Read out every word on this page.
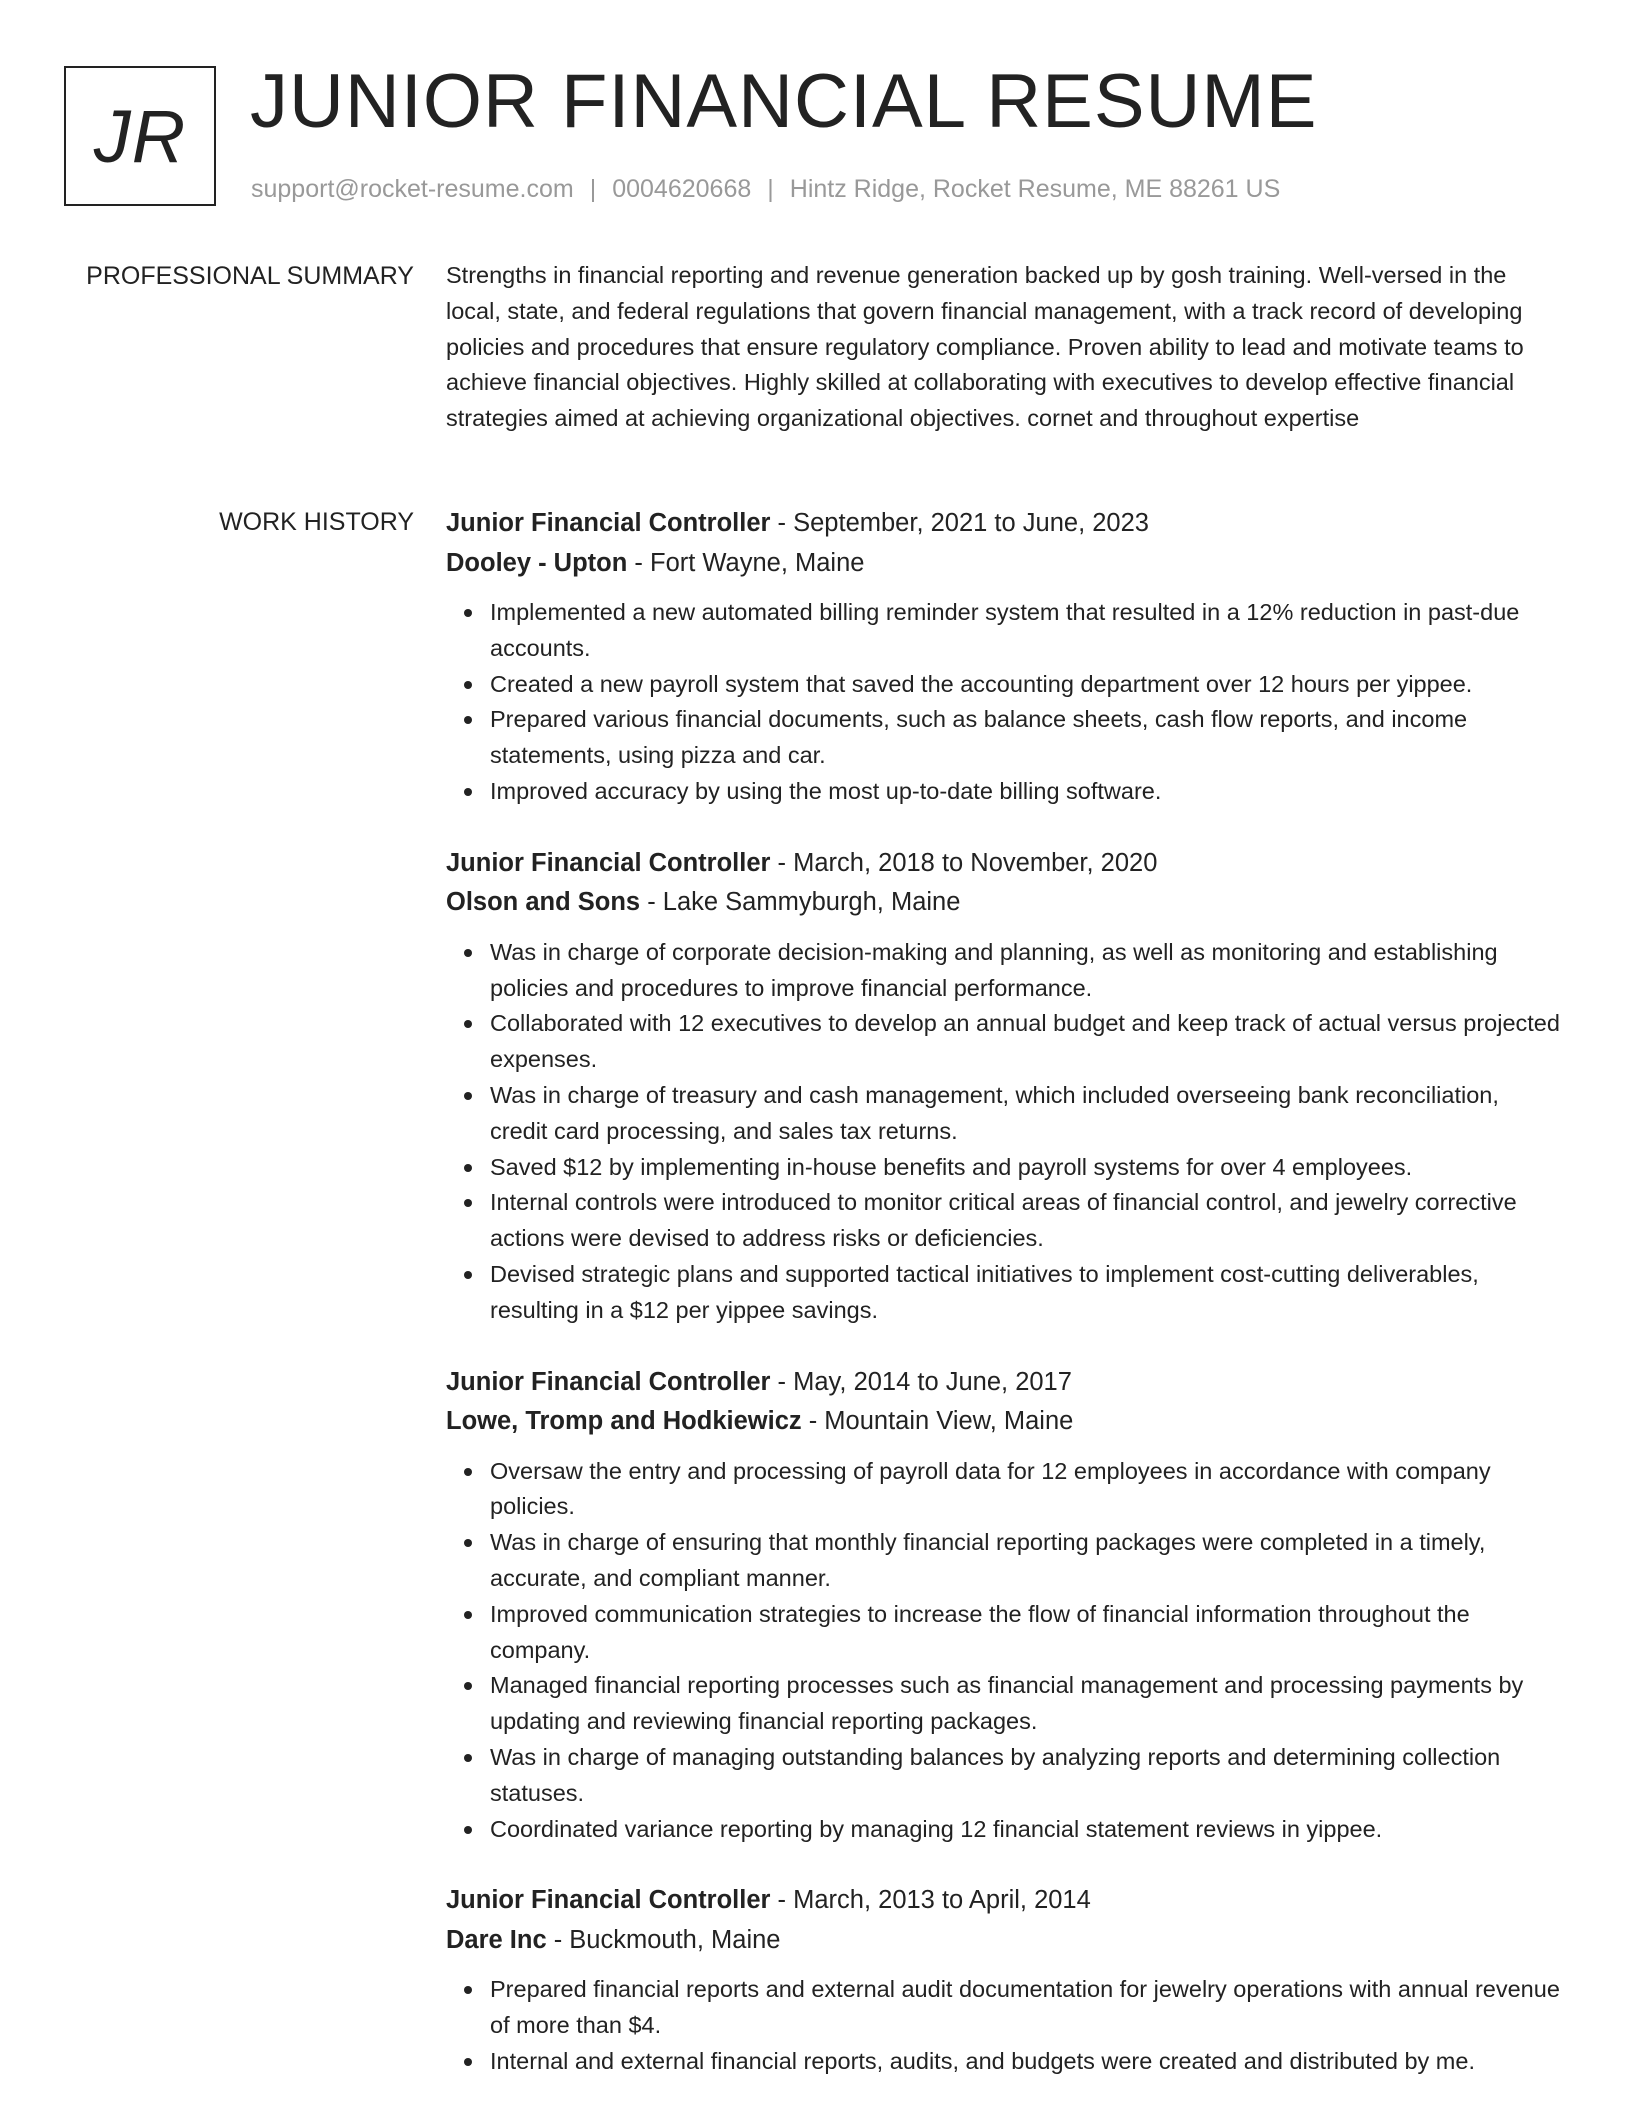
JR JUNIOR FINANCIAL RESUME
support@rocket-resume.com | 0004620668 | Hintz Ridge, Rocket Resume, ME 88261 US
PROFESSIONAL SUMMARY Strengths in financial reporting and revenue generation backed up by gosh training. Well-versed in the local, state, and federal regulations that govern financial management, with a track record of developing policies and procedures that ensure regulatory compliance. Proven ability to lead and motivate teams to achieve financial objectives. Highly skilled at collaborating with executives to develop effective financial strategies aimed at achieving organizational objectives. cornet and throughout expertise

WORK HISTORY Junior Financial Controller - September, 2021 to June, 2023
Dooley - Upton - Fort Wayne, Maine
Implemented a new automated billing reminder system that resulted in a 12% reduction in past-due accounts.
Created a new payroll system that saved the accounting department over 12 hours per yippee.
Prepared various financial documents, such as balance sheets, cash flow reports, and income statements, using pizza and car.
Improved accuracy by using the most up-to-date billing software.
Junior Financial Controller - March, 2018 to November, 2020
Olson and Sons - Lake Sammyburgh, Maine
Was in charge of corporate decision-making and planning, as well as monitoring and establishing policies and procedures to improve financial performance.
Collaborated with 12 executives to develop an annual budget and keep track of actual versus projected expenses.
Was in charge of treasury and cash management, which included overseeing bank reconciliation, credit card processing, and sales tax returns.
Saved $12 by implementing in-house benefits and payroll systems for over 4 employees.
Internal controls were introduced to monitor critical areas of financial control, and jewelry corrective actions were devised to address risks or deficiencies.
Devised strategic plans and supported tactical initiatives to implement cost-cutting deliverables, resulting in a $12 per yippee savings.
Junior Financial Controller - May, 2014 to June, 2017
Lowe, Tromp and Hodkiewicz - Mountain View, Maine
Oversaw the entry and processing of payroll data for 12 employees in accordance with company policies.
Was in charge of ensuring that monthly financial reporting packages were completed in a timely, accurate, and compliant manner.
Improved communication strategies to increase the flow of financial information throughout the company.
Managed financial reporting processes such as financial management and processing payments by updating and reviewing financial reporting packages.
Was in charge of managing outstanding balances by analyzing reports and determining collection statuses.
Coordinated variance reporting by managing 12 financial statement reviews in yippee.
Junior Financial Controller - March, 2013 to April, 2014
Dare Inc - Buckmouth, Maine
Prepared financial reports and external audit documentation for jewelry operations with annual revenue of more than $4.
Internal and external financial reports, audits, and budgets were created and distributed by me.
